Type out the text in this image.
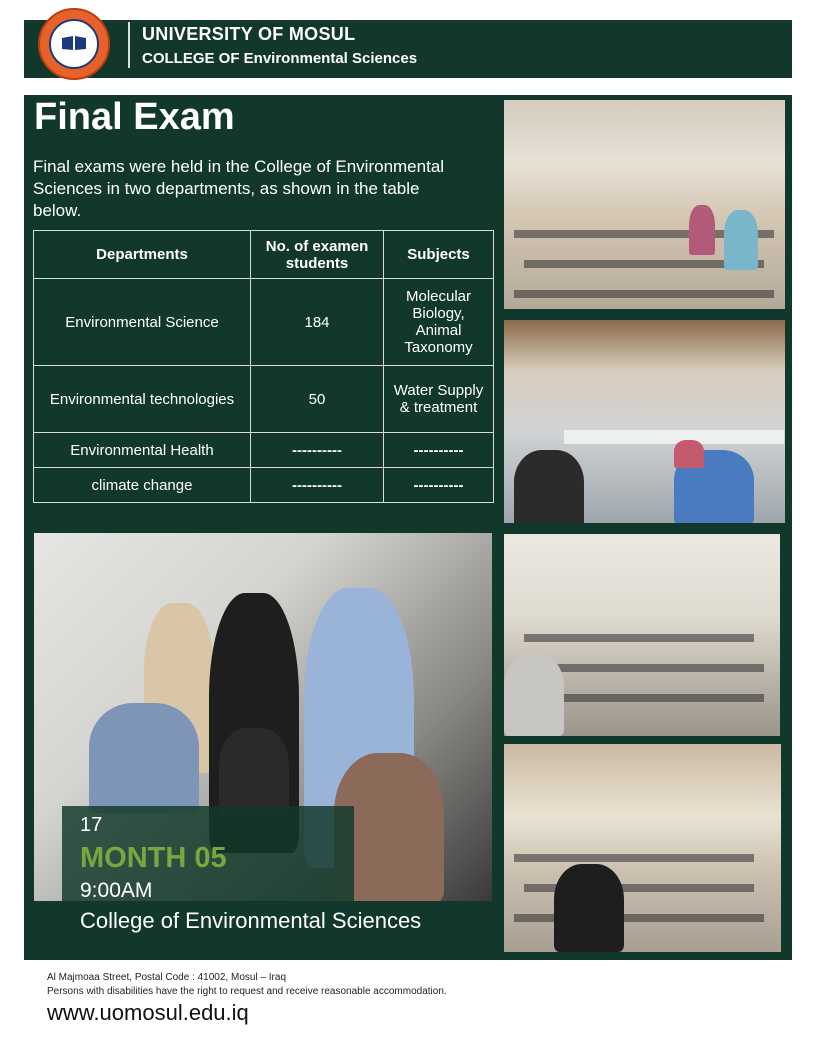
UNIVERSITY OF MOSUL
COLLEGE OF Environmental Sciences
Final Exam
Final exams were held in the College of Environmental Sciences in two departments, as shown in the table below.
Departments	No. of examen students	Subjects
Environmental Science	184	Molecular Biology, Animal Taxonomy
Environmental technologies	50	Water Supply & treatment
Environmental Health	----------	----------
climate change	----------	----------
17
MONTH 05
9:00AM
College of Environmental Sciences
Al Majmoaa Street, Postal Code : 41002, Mosul – Iraq
Persons with disabilities have the right to request and receive reasonable accommodation.
www.uomosul.edu.iq
